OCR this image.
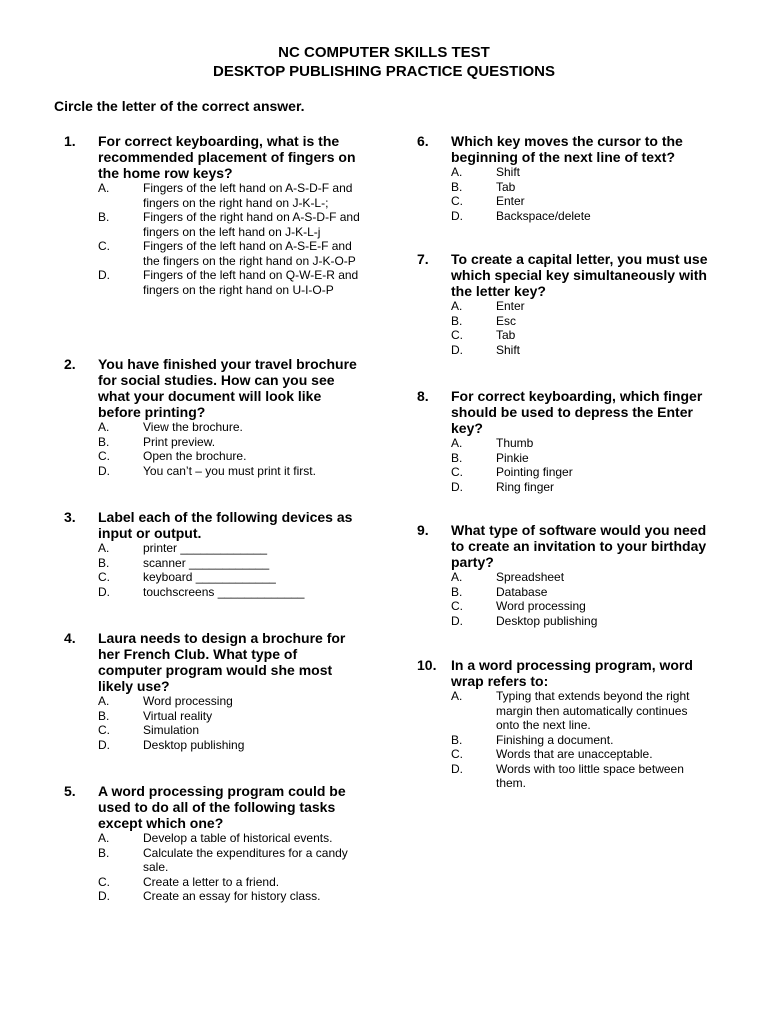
NC COMPUTER SKILLS TEST
DESKTOP PUBLISHING PRACTICE QUESTIONS
Circle the letter of the correct answer.
1.	For correct keyboarding, what is the recommended placement of fingers on the home row keys?
A.	Fingers of the left hand on A-S-D-F and fingers on the right hand on J-K-L-;
B.	Fingers of the right hand on A-S-D-F and fingers on the left hand on J-K-L-j
C.	Fingers of the left hand on A-S-E-F and the fingers on the right hand on J-K-O-P
D.	Fingers of the left hand on Q-W-E-R and fingers on the right hand on U-I-O-P
2.	You have finished your travel brochure for social studies. How can you see what your document will look like before printing?
A.	View the brochure.
B.	Print preview.
C.	Open the brochure.
D.	You can’t – you must print it first.
3.	Label each of the following devices as input or output.
A.	printer _____________
B.	scanner ____________
C.	keyboard ____________
D.	touchscreens _____________
4.	Laura needs to design a brochure for her French Club. What type of computer program would she most likely use?
A.	Word processing
B.	Virtual reality
C.	Simulation
D.	Desktop publishing
5.	A word processing program could be used to do all of the following tasks except which one?
A.	Develop a table of historical events.
B.	Calculate the expenditures for a candy sale.
C.	Create a letter to a friend.
D.	Create an essay for history class.
6.	Which key moves the cursor to the beginning of the next line of text?
A.	Shift
B.	Tab
C.	Enter
D.	Backspace/delete
7.	To create a capital letter, you must use which special key simultaneously with the letter key?
A.	Enter
B.	Esc
C.	Tab
D.	Shift
8.	For correct keyboarding, which finger should be used to depress the Enter key?
A.	Thumb
B.	Pinkie
C.	Pointing finger
D.	Ring finger
9.	What type of software would you need to create an invitation to your birthday party?
A.	Spreadsheet
B.	Database
C.	Word processing
D.	Desktop publishing
10.	In a word processing program, word wrap refers to:
A.	Typing that extends beyond the right margin then automatically continues onto the next line.
B.	Finishing a document.
C.	Words that are unacceptable.
D.	Words with too little space between them.
